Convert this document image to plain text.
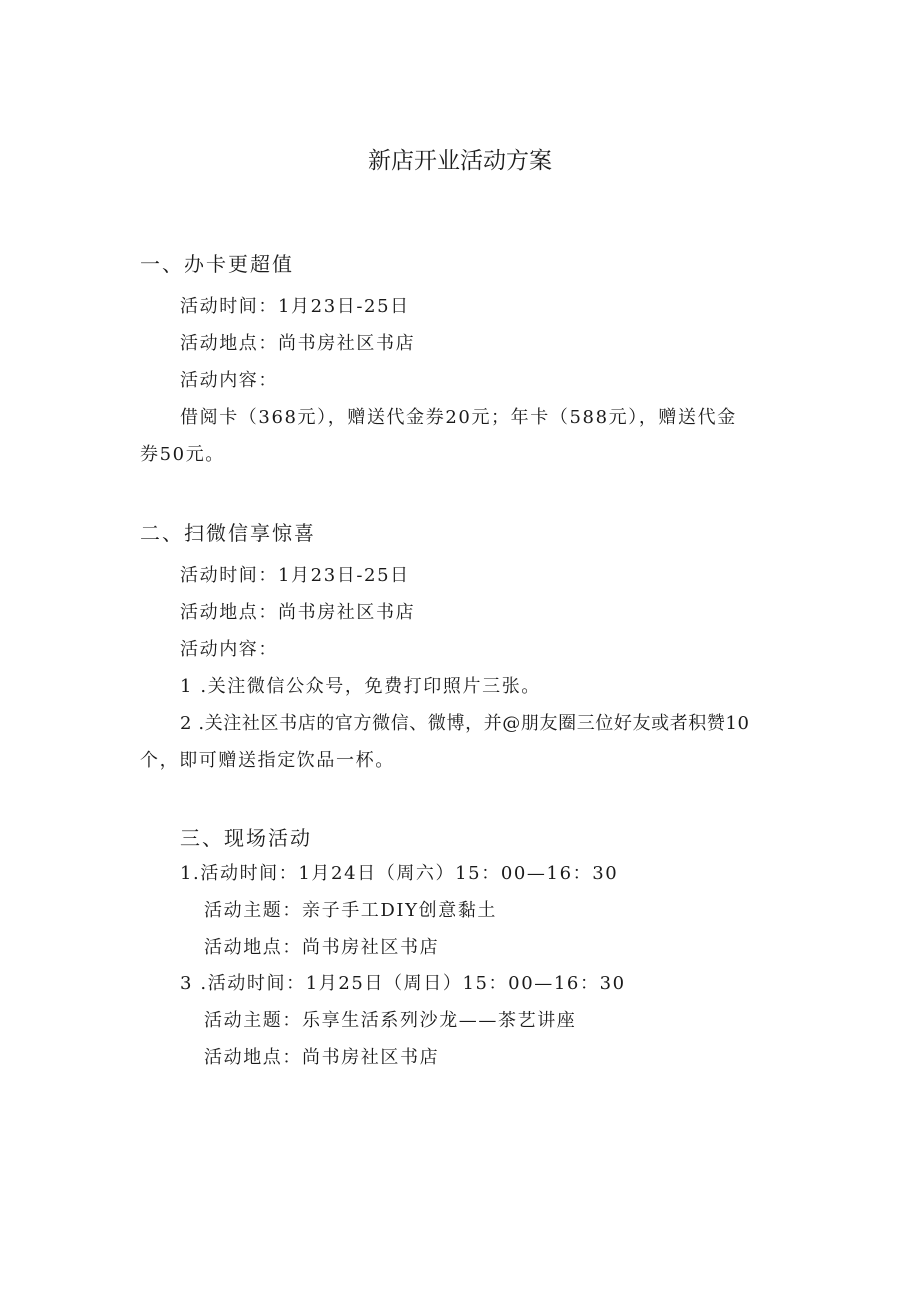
新店开业活动方案
一、办卡更超值
活动时间：1月23日-25日
活动地点：尚书房社区书店
活动内容：
借阅卡（368元），赠送代金券20元；年卡（588元），赠送代金
券50元。
二、扫微信享惊喜
活动时间：1月23日-25日
活动地点：尚书房社区书店
活动内容：
1 .关注微信公众号，免费打印照片三张。
2 .关注社区书店的官方微信、微博，并@朋友圈三位好友或者积赞10
个，即可赠送指定饮品一杯。
三、现场活动
1.活动时间：1月24日（周六）15：00—16：30
活动主题：亲子手工DIY创意黏土
活动地点：尚书房社区书店
3 .活动时间：1月25日（周日）15：00—16：30
活动主题：乐享生活系列沙龙——茶艺讲座
活动地点：尚书房社区书店
